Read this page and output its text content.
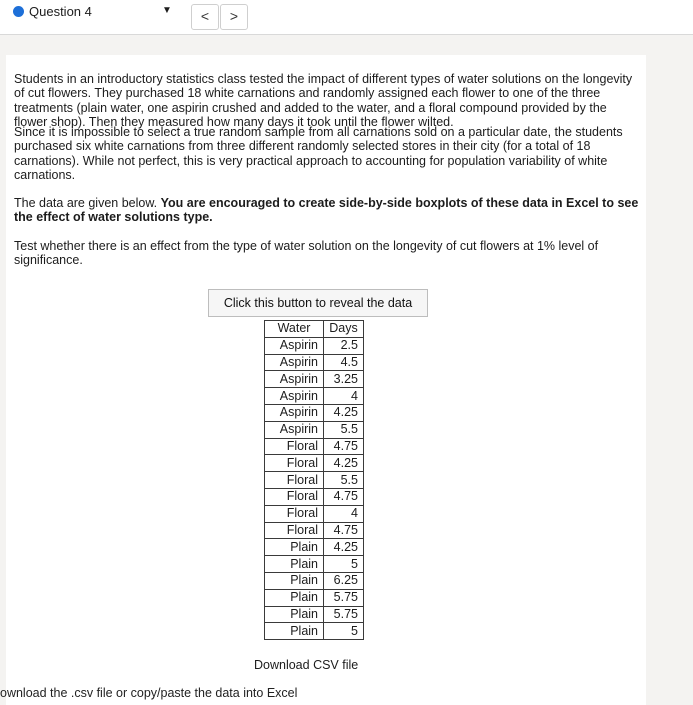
Question 4	▼	<	>
Students in an introductory statistics class tested the impact of different types of water solutions on the longevity of cut flowers. They purchased 18 white carnations and randomly assigned each flower to one of the three treatments (plain water, one aspirin crushed and added to the water, and a floral compound provided by the flower shop). Then they measured how many days it took until the flower wilted.
Since it is impossible to select a true random sample from all carnations sold on a particular date, the students purchased six white carnations from three different randomly selected stores in their city (for a total of 18 carnations). While not perfect, this is very practical approach to accounting for population variability of white carnations.
The data are given below. You are encouraged to create side-by-side boxplots of these data in Excel to see the effect of water solutions type.
Test whether there is an effect from the type of water solution on the longevity of cut flowers at 1% level of significance.
Click this button to reveal the data
Water	Days
Aspirin	2.5
Aspirin	4.5
Aspirin	3.25
Aspirin	4
Aspirin	4.25
Aspirin	5.5
Floral	4.75
Floral	4.25
Floral	5.5
Floral	4.75
Floral	4
Floral	4.75
Plain	4.25
Plain	5
Plain	6.25
Plain	5.75
Plain	5.75
Plain	5
Download CSV file
ownload the .csv file or copy/paste the data into Excel
